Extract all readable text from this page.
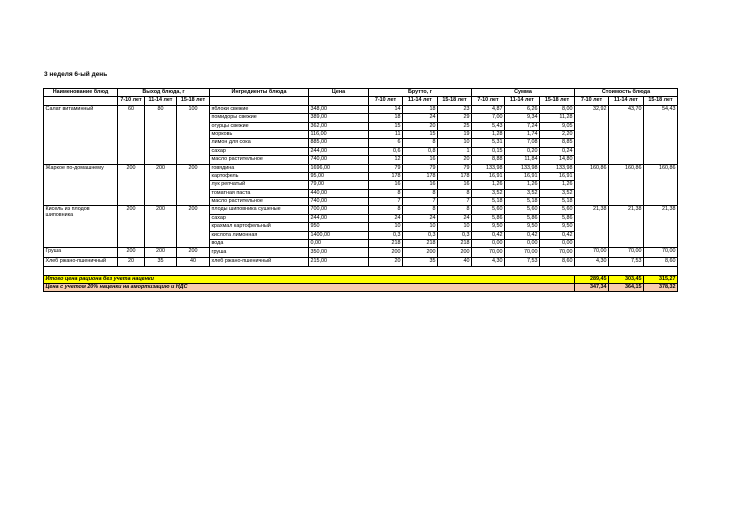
3 неделя 6-ый день
Наименование блюд	Выход блюда, г			Ингредиенты блюда	Цена	Брутто, г			Сумма			Стоимость блюда		
	7-10 лет	11-14 лет	15-18 лет			7-10 лет	11-14 лет	15-18 лет	7-10 лет	11-14 лет	15-18 лет	7-10 лет	11-14 лет	15-18 лет
Салат витаминный	60	80	100	яблоки свежие	348,00	14	18	23	4,87	6,26	8,00	32,92	43,70	54,43
				помидоры свежие	389,00	18	24	29	7,00	9,34	11,28			
				огурцы свежие	362,00	15	20	25	5,43	7,24	9,05			
				морковь	116,00	11	15	19	1,28	1,74	2,20			
				лимон для сока	885,00	6	8	10	5,31	7,08	8,85			
				сахар	244,00	0,6	0,8	1	0,15	0,20	0,24			
				масло растительное	740,00	12	16	20	8,88	11,84	14,80			
Жаркое по-домашнему	200	200	200	говядина	1696,00	79	79	79	133,98	133,98	133,98	160,86	160,86	160,86
				картофель	95,00	178	178	178	16,91	16,91	16,91			
				лук репчатый	79,00	16	16	16	1,26	1,26	1,26			
				томатная паста	440,00	8	8	8	3,52	3,52	3,52			
				масло растительное	740,00	7	7	7	5,18	5,18	5,18			
Кисель из плодов шиповника	200	200	200	плоды шиповника сушеные	700,00	8	8	8	5,60	5,60	5,60	21,38	21,38	21,38
				сахар	244,00	24	24	24	5,86	5,86	5,86			
				крахмал картофельный	950	10	10	10	9,50	9,50	9,50			
				кислота лимонная	1400,00	0,3	0,3	0,3	0,42	0,42	0,42			
				вода	0,00	218	218	218	0,00	0,00	0,00			
Груша	200	200	200	груша	350,00	200	200	200	70,00	70,00	70,00	70,00	70,00	70,00
Хлеб ржано-пшеничный	20	35	40	хлеб ржано-пшеничный	215,00	20	35	40	4,30	7,53	8,60	4,30	7,53	8,60

Итого цена рациона без учета наценки												289,45	303,45	315,27
Цена с учетом 20% наценки на амортизацию и НДС												347,34	364,15	378,32
